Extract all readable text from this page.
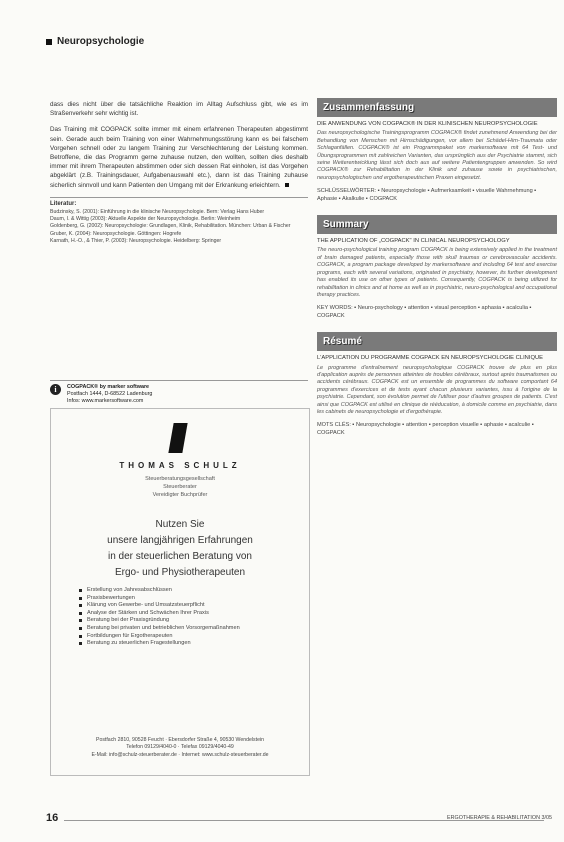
Neuropsychologie

dass dies nicht über die tatsächliche Reaktion im Alltag Aufschluss gibt, wie es im Straßenverkehr sehr wichtig ist.

Das Training mit COGPACK sollte immer mit einem erfahrenen Therapeuten abgestimmt sein. Gerade auch beim Training von einer Wahrnehmungsstörung kann es bei falschem Vorgehen schnell oder zu langem Training zur Verschlechterung der Leistung kommen. Betroffene, die das Programm gerne zuhause nutzen, den wollten, sollten dies deshalb immer mit ihrem Therapeuten abstimmen oder sich dessen Rat einholen, ist das Vorgehen abgeklärt (z.B. Trainingsdauer, Aufgabenauswahl etc.), dann ist das Training zuhause sicherlich sinnvoll und kann Patienten den Umgang mit der Erkrankung erleichtern.

Literatur:
Budzinsky, S. (2001): Einführung in die klinische Neuropsychologie. Bern: Verlag Hans Huber
Daum, I. & Wittig (2003): Aktuelle Aspekte der Neuropsychologie. Berlin: Weinheim
Goldenberg, G. (2002): Neuropsychologie: Grundlagen, Klinik, Rehabilitation. München: Urban & Fischer
Gruber, K. (2004): Neuropsychologie. Göttingen: Hogrefe
Karnath, H.-O., & Thier, P. (2003): Neuropsychologie. Heidelberg: Springer
i	COGPACK® by marker software
Postfach 1444, D-68522 Ladenburg
Infos: www.markersoftware.com
THOMAS SCHULZ
Steuerberatungsgesellschaft
Steuerberater
Vereidigter Buchprüfer
Nutzen Sie
unsere langjährigen Erfahrungen
in der steuerlichen Beratung von
Ergo- und Physiotherapeuten
Erstellung von Jahresabschlüssen
Praxisbewertungen
Klärung von Gewerbe- und Umsatzsteuerpflicht
Analyse der Stärken und Schwächen Ihrer Praxis
Beratung bei der Praxisgründung
Beratung bei privaten und betrieblichen Vorsorgemaßnahmen
Fortbildungen für Ergotherapeuten
Beratung zu steuerlichen Fragestellungen
Postfach 2810, 90528 Feucht · Ebersdorfer Straße 4, 90530 Wendelstein
Telefon 09129/4040-0 · Telefax 09129/4040-49
E-Mail: info@schulz-steuerberater.de · Internet: www.schulz-steuerberater.de
Zusammenfassung
DIE ANWENDUNG VON COGPACK® IN DER KLINISCHEN NEUROPSYCHOLOGIE

Das neuropsychologische Trainingsprogramm COGPACK® findet zunehmend Anwendung bei der Behandlung von Menschen mit Hirnschädigungen, vor allem bei Schädel-Hirn-Traumata oder Schlaganfällen. COGPACK® ist ein Programmpaket von markersoftware mit 64 Test- und Übungsprogrammen mit zahlreichen Varianten, das ursprünglich aus der Psychiatrie stammt, sich seine Weiterentwicklung lässt sich doch aus auf weitere Patientengruppen anwenden. So wird COGPACK® zur Rehabilitation in der Klinik und zuhause sowie in psychiatrischen, neuropsychologischen und ergotherapeutischen Praxen eingesetzt.

SCHLÜSSELWÖRTER: ▪ Neuropsychologie ▪ Aufmerksamkeit ▪ visuelle Wahrnehmung ▪ Aphasie ▪ Akalkulie ▪ COGPACK
Summary
THE APPLICATION OF „COGPACK" IN CLINICAL NEUROPSYCHOLOGY

The neuro-psychological training program COGPACK is being extensively applied in the treatment of brain damaged patients, especially those with skull traumas or cerebrovascular accidents. COGPACK, a program package developed by markersoftware and including 64 test and exercise programs, each with several variations, originated in psychiatry, however, its further development has enabled its use on other types of patients. Consequently, COGPACK is being utilized for rehabilitation in clinics and at home as well as in psychiatric, neuro-psychological and occupational therapy practices.

KEY WORDS: ▪ Neuro-psychology ▪ attention ▪ visual perception ▪ aphasia ▪ acalculia ▪ COGPACK
Résumé
L'APPLICATION DU PROGRAMME COGPACK EN NEUROPSYCHOLOGIE CLINIQUE

Le programme d'entraînement neuropsychologique COGPACK trouve de plus en plus d'application auprès de personnes atteintes de troubles cérébraux, surtout après traumatismes ou accidents cérébraux. COGPACK est un ensemble de programmes du software comportant 64 programmes d'exercices et de tests ayant chacun plusieurs variantes, issu à l'origine de la psychiatrie. Cependant, son évolution permet de l'utiliser pour d'autres groupes de patients. C'est ainsi que COGPACK est utilisé en clinique de rééducation, à domicile comme en psychiatrie, dans les cabinets de neuropsychologie et d'ergothérapie.

MOTS CLÉS: ▪ Neuropsychologie ▪ attention ▪ perception visuelle ▪ aphasie ▪ acalculie ▪ COGPACK
16	ERGOTHERAPIE & REHABILITATION 3/05
